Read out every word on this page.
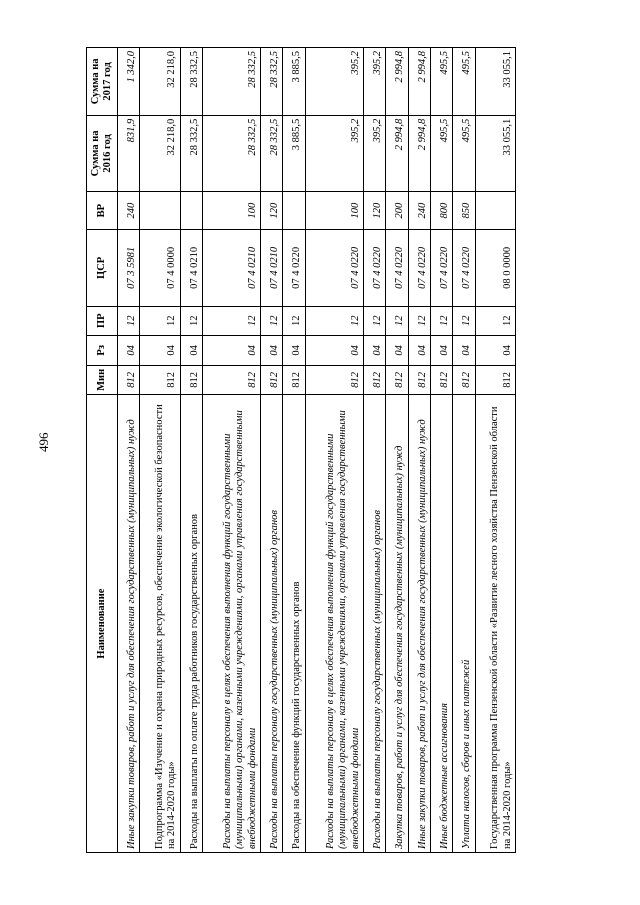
496
Наименование	Мин	Рз	ПР	ЦСР	ВР	Сумма на 2016 год	Сумма на 2017 год
Иные закупки товаров, работ и услуг для обеспечения государственных (муниципальных) нужд	812	04	12	07 3 5981	240	831,9	1 342,0
Подпрограмма «Изучение и охрана природных ресурсов, обеспечение экологической безопасности на 2014-2020 годы»	812	04	12	07 4 0000		32 218,0	32 218,0
Расходы на выплаты по оплате труда работников государственных органов	812	04	12	07 4 0210		28 332,5	28 332,5
Расходы на выплаты персоналу в целях обеспечения выполнения функций государственными (муниципальными) органами, казенными учреждениями, органами управления государственными внебюджетными фондами	812	04	12	07 4 0210	100	28 332,5	28 332,5
Расходы на выплаты персоналу государственных (муниципальных) органов	812	04	12	07 4 0210	120	28 332,5	28 332,5
Расходы на обеспечение функций государственных органов	812	04	12	07 4 0220		3 885,5	3 885,5
Расходы на выплаты персоналу в целях обеспечения выполнения функций государственными (муниципальными) органами, казенными учреждениями, органами управления государственными внебюджетными фондами	812	04	12	07 4 0220	100	395,2	395,2
Расходы на выплаты персоналу государственных (муниципальных) органов	812	04	12	07 4 0220	120	395,2	395,2
Закупка товаров, работ и услуг для обеспечения государственных (муниципальных) нужд	812	04	12	07 4 0220	200	2 994,8	2 994,8
Иные закупки товаров, работ и услуг для обеспечения государственных (муниципальных) нужд	812	04	12	07 4 0220	240	2 994,8	2 994,8
Иные бюджетные ассигнования	812	04	12	07 4 0220	800	495,5	495,5
Уплата налогов, сборов и иных платежей	812	04	12	07 4 0220	850	495,5	495,5
Государственная программа Пензенской области «Развитие лесного хозяйства Пензенской области на 2014-2020 годы»	812	04	12	08 0 0000		33 055,1	33 055,1
